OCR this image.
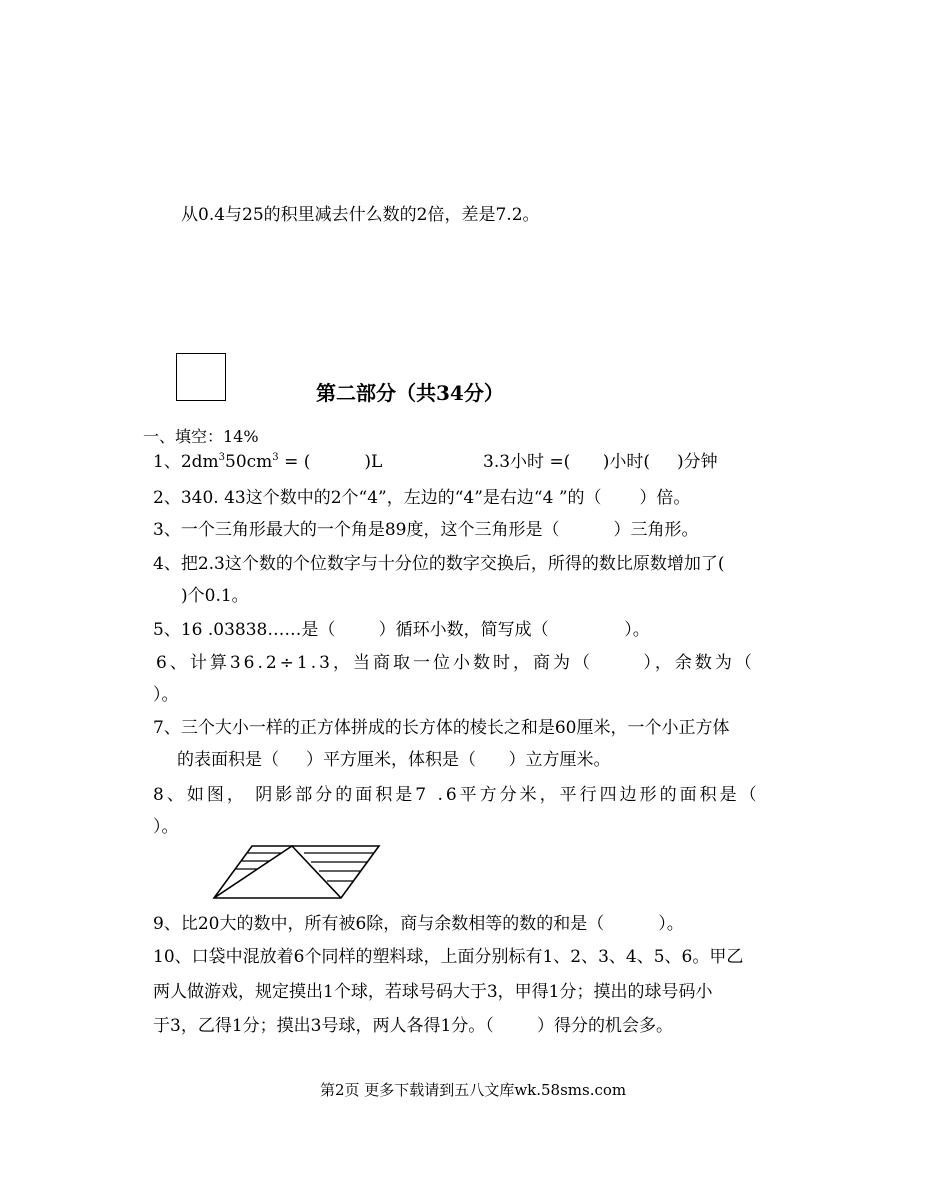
从0.4与25的积里减去什么数的2倍，差是7.2。
第二部分（共34分）
一、填空：14%
1、$2dm^350cm^3$ = (          )L	3.3小时 =(      )小时(     )分钟
2、340. 43这个数中的2个“4”，左边的“4”是右边“4 ”的（       ）倍。
3、一个三角形最大的一个角是89度，这个三角形是（          ）三角形。
4、把2.3这个数的个位数字与十分位的数字交换后，所得的数比原数增加了(
)个0.1。
5、16 .03838……是（        ）循环小数，简写成（              ）。
6、计算36.2÷1.3，当商取一位小数时，商为（      ），余数为（
）。
7、三个大小一样的正方体拼成的长方体的棱长之和是60厘米，一个小正方体
的表面积是（     ）平方厘米，体积是（      ）立方厘米。
8、如图， 阴影部分的面积是7 .6平方分米，平行四边形的面积是（
）。
9、比20大的数中，所有被6除，商与余数相等的数的和是（          ）。
10、口袋中混放着6个同样的塑料球，上面分别标有1、2、3、4、5、6。甲乙
两人做游戏，规定摸出1个球，若球号码大于3，甲得1分；摸出的球号码小
于3，乙得1分；摸出3号球，两人各得1分。（        ）得分的机会多。
第2页 更多下载请到五八文库wk.58sms.com
